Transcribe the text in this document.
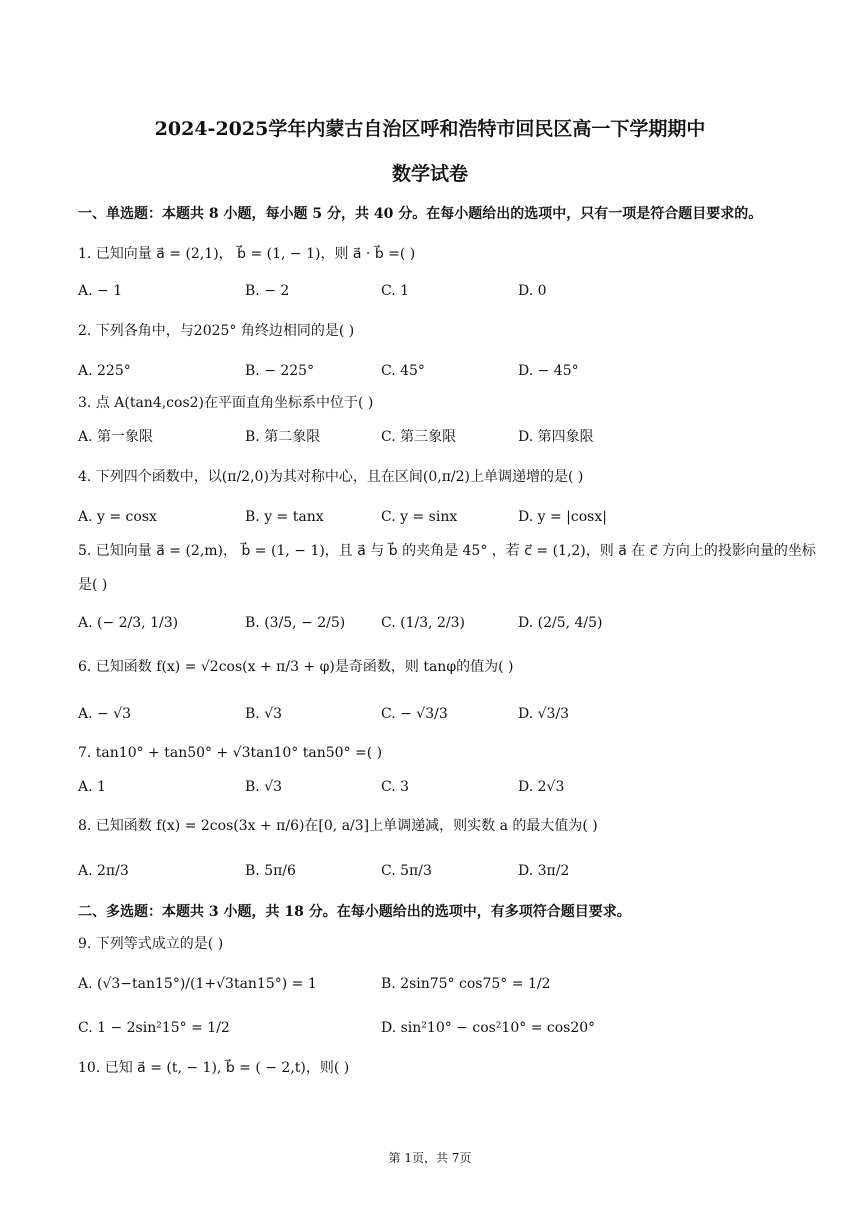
2024-2025学年内蒙古自治区呼和浩特市回民区高一下学期期中
数学试卷
一、单选题：本题共 8 小题，每小题 5 分，共 40 分。在每小题给出的选项中，只有一项是符合题目要求的。
1. 已知向量 a⃗ = (2,1)， b⃗ = (1, − 1)，则 a⃗ · b⃗ =( )
A. − 1	B. − 2	C. 1	D. 0
2. 下列各角中，与2025° 角终边相同的是( )
A. 225°	B. − 225°	C. 45°	D. − 45°
3. 点 A(tan4,cos2)在平面直角坐标系中位于( )
A. 第一象限	B. 第二象限	C. 第三象限	D. 第四象限
4. 下列四个函数中，以(π/2,0)为其对称中心，且在区间(0,π/2)上单调递增的是( )
A. y = cosx	B. y = tanx	C. y = sinx	D. y = |cosx|
5. 已知向量 a⃗ = (2,m)， b⃗ = (1, − 1)，且 a⃗ 与 b⃗ 的夹角是 45° ，若 c⃗ = (1,2)，则 a⃗ 在 c⃗ 方向上的投影向量的坐标
是( )
A. (− 2/3, 1/3)	B. (3/5, − 2/5)	C. (1/3, 2/3)	D. (2/5, 4/5)
6. 已知函数 f(x) = √2cos(x + π/3 + φ)是奇函数，则 tanφ的值为( )
A. − √3	B. √3	C. − √3/3	D. √3/3
7. tan10° + tan50° + √3tan10° tan50° =( )
A. 1	B. √3	C. 3	D. 2√3
8. 已知函数 f(x) = 2cos(3x + π/6)在[0, a/3]上单调递减，则实数 a 的最大值为( )
A. 2π/3	B. 5π/6	C. 5π/3	D. 3π/2
二、多选题：本题共 3 小题，共 18 分。在每小题给出的选项中，有多项符合题目要求。
9. 下列等式成立的是( )
A. (√3−tan15°)/(1+√3tan15°) = 1	B. 2sin75° cos75° = 1/2
C. 1 − 2sin²15° = 1/2	D. sin²10° − cos²10° = cos20°
10. 已知 a⃗ = (t, − 1), b⃗ = ( − 2,t)，则( )
第 1页，共 7页
